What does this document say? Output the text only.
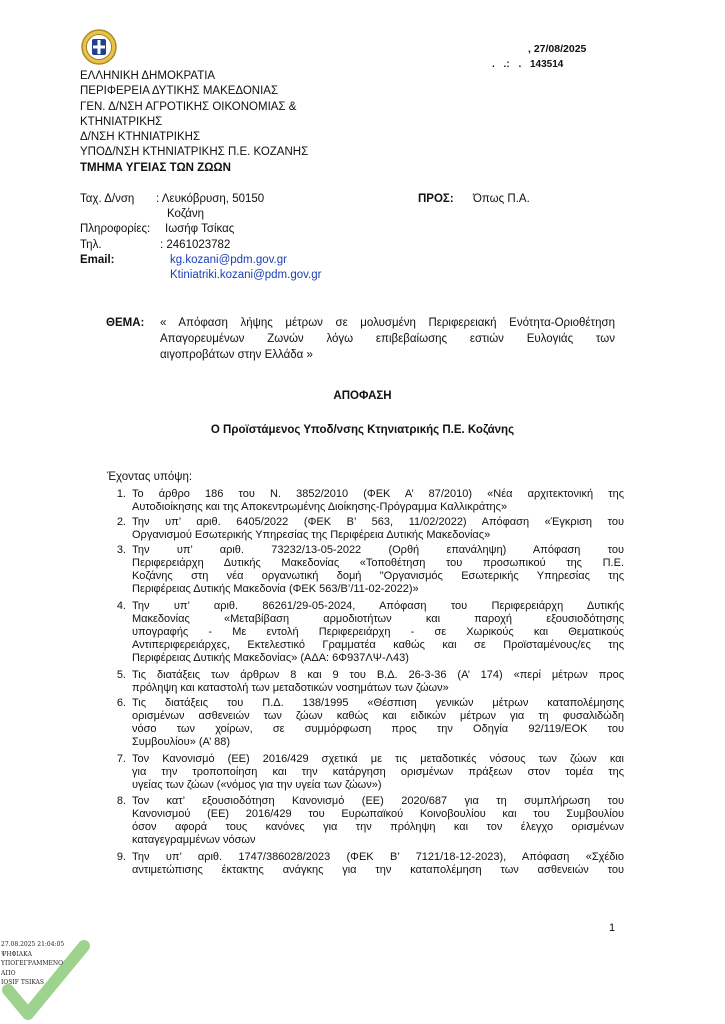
, 27/08/2025
. .: . 143514
ΕΛΛΗΝΙΚΗ ΔΗΜΟΚΡΑΤΙΑ
ΠΕΡΙΦΕΡΕΙΑ ΔΥΤΙΚΗΣ ΜΑΚΕΔΟΝΙΑΣ
ΓΕΝ. Δ/ΝΣΗ ΑΓΡΟΤΙΚΗΣ ΟΙΚΟΝΟΜΙΑΣ &
ΚΤΗΝΙΑΤΡΙΚΗΣ
Δ/ΝΣΗ ΚΤΗΝΙΑΤΡΙΚΗΣ
ΥΠΟΔ/ΝΣΗ ΚΤΗΝΙΑΤΡΙΚΗΣ Π.Ε. ΚΟΖΑΝΗΣ
ΤΜΗΜΑ ΥΓΕΙΑΣ ΤΩΝ ΖΩΩΝ
Ταχ. Δ/νση : Λευκόβρυση, 50150
Κοζάνη
Πληροφορίες: Ιωσήφ Τσίκας
Τηλ.	: 2461023782
Email:	kg.kozani@pdm.gov.gr
Ktiniatriki.kozani@pdm.gov.gr
ΠΡΟΣ: Όπως Π.Α.
ΘΕΜΑ: « Απόφαση λήψης μέτρων σε μολυσμένη Περιφερειακή Ενότητα-Οριοθέτηση
Απαγορευμένων Ζωνών λόγω επιβεβαίωσης εστιών Ευλογιάς των
αιγοπροβάτων στην Ελλάδα »
ΑΠΟΦΑΣΗ
Ο Προϊστάμενος Υποδ/νσης Κτηνιατρικής Π.Ε. Κοζάνης
Έχοντας υπόψη:
1. Το άρθρο 186 του Ν. 3852/2010 (ΦΕΚ Α’ 87/2010) «Νέα αρχιτεκτονική της
Αυτοδιοίκησης και της Αποκεντρωμένης Διοίκησης-Πρόγραμμα Καλλικράτης»
2. Την υπ’ αριθ. 6405/2022 (ΦΕΚ Β’ 563, 11/02/2022) Απόφαση «Έγκριση του
Οργανισμού Εσωτερικής Υπηρεσίας της Περιφέρεια Δυτικής Μακεδονίας»
3. Την υπ’ αριθ. 73232/13-05-2022 (Ορθή επανάληψη) Απόφαση του
Περιφερειάρχη Δυτικής Μακεδονίας «Τοποθέτηση του προσωπικού της Π.Ε.
Κοζάνης στη νέα οργανωτική δομή "Οργανισμός Εσωτερικής Υπηρεσίας της
Περιφέρειας Δυτικής Μακεδονία (ΦΕΚ 563/Β’/11-02-2022)»
4. Την υπ’ αριθ. 86261/29-05-2024, Απόφαση του Περιφερειάρχη Δυτικής
Μακεδονίας «Μεταβίβαση αρμοδιοτήτων και παροχή εξουσιοδότησης
υπογραφής - Με εντολή Περιφερειάρχη - σε Χωρικούς και Θεματικούς
Αντιπεριφερειάρχες, Εκτελεστικό Γραμματέα καθώς και σε Προϊσταμένους/ες της
Περιφέρειας Δυτικής Μακεδονίας» (ΑΔΑ: 6Φ937ΛΨ-Λ43)
5. Τις διατάξεις των άρθρων 8 και 9 του Β.Δ. 26-3-36 (Α’ 174) «περί μέτρων προς
πρόληψη και καταστολή των μεταδοτικών νοσημάτων των ζώων»
6. Τις διατάξεις του Π.Δ. 138/1995 «Θέσπιση γενικών μέτρων καταπολέμησης
ορισμένων ασθενειών των ζώων καθώς και ειδικών μέτρων για τη φυσαλιδώδη
νόσο των χοίρων, σε συμμόρφωση προς την Οδηγία 92/119/ΕΟΚ του
Συμβουλίου» (Α’ 88)
7. Τον Κανονισμό (ΕΕ) 2016/429 σχετικά με τις μεταδοτικές νόσους των ζώων και
για την τροποποίηση και την κατάργηση ορισμένων πράξεων στον τομέα της
υγείας των ζώων («νόμος για την υγεία των ζώων»)
8. Τον κατ’ εξουσιοδότηση Κανονισμό (ΕΕ) 2020/687 για τη συμπλήρωση του
Κανονισμού (ΕΕ) 2016/429 του Ευρωπαϊκού Κοινοβουλίου και του Συμβουλίου
όσον αφορά τους κανόνες για την πρόληψη και τον έλεγχο ορισμένων
καταγεγραμμένων νόσων
9. Την υπ’ αριθ. 1747/386028/2023 (ΦΕΚ Β’ 7121/18-12-2023), Απόφαση «Σχέδιο
αντιμετώπισης έκτακτης ανάγκης για την καταπολέμηση των ασθενειών του
1
27.08.2025 21:04:05
ΨΗΦΙΑΚΑ
ΥΠΟΓΕΓΡΑΜΜΕΝΟ
ΑΠΟ
IOSIF TSIKAS
